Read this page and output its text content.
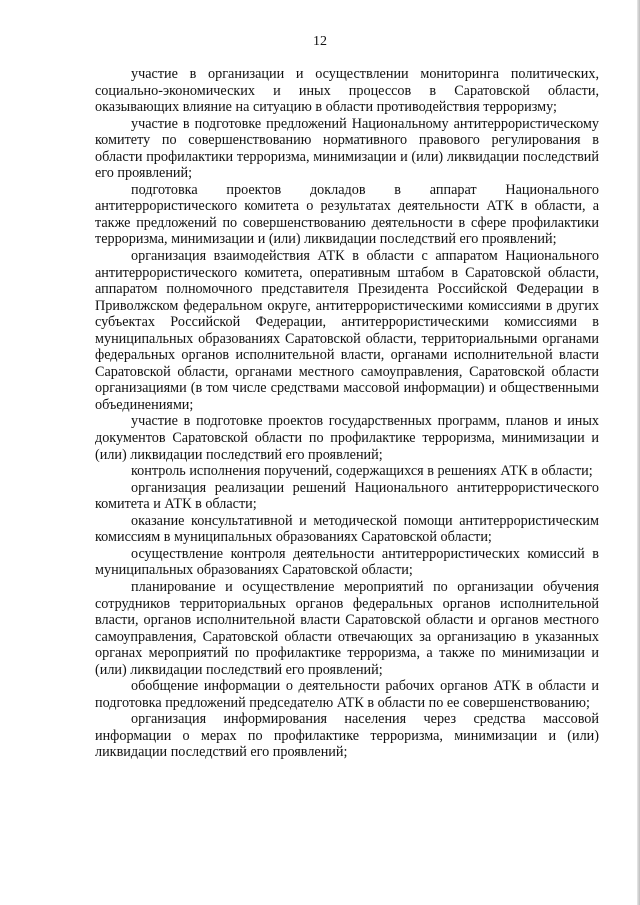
12

участие в организации и осуществлении мониторинга политических, социально-экономических и иных процессов в Саратовской области, оказывающих влияние на ситуацию в области противодействия терроризму;

участие в подготовке предложений Национальному антитеррористическому комитету по совершенствованию нормативного правового регулирования в области профилактики терроризма, минимизации и (или) ликвидации последствий его проявлений;

подготовка проектов докладов в аппарат Национального антитеррористического комитета о результатах деятельности АТК в области, а также предложений по совершенствованию деятельности в сфере профилактики терроризма, минимизации и (или) ликвидации последствий его проявлений;

организация взаимодействия АТК в области с аппаратом Национального антитеррористического комитета, оперативным штабом в Саратовской области, аппаратом полномочного представителя Президента Российской Федерации в Приволжском федеральном округе, антитеррористическими комиссиями в других субъектах Российской Федерации, антитеррористическими комиссиями в муниципальных образованиях Саратовской области, территориальными органами федеральных органов исполнительной власти, органами исполнительной власти Саратовской области, органами местного самоуправления, Саратовской области организациями (в том числе средствами массовой информации) и общественными объединениями;

участие в подготовке проектов государственных программ, планов и иных документов Саратовской области по профилактике терроризма, минимизации и (или) ликвидации последствий его проявлений;

контроль исполнения поручений, содержащихся в решениях АТК в области;

организация реализации решений Национального антитеррористического комитета и АТК в области;

оказание консультативной и методической помощи антитеррористическим комиссиям в муниципальных образованиях Саратовской области;

осуществление контроля деятельности антитеррористических комиссий в муниципальных образованиях Саратовской области;

планирование и осуществление мероприятий по организации обучения сотрудников территориальных органов федеральных органов исполнительной власти, органов исполнительной власти Саратовской области и органов местного самоуправления, Саратовской области отвечающих за организацию в указанных органах мероприятий по профилактике терроризма, а также по минимизации и (или) ликвидации последствий его проявлений;

обобщение информации о деятельности рабочих органов АТК в области и подготовка предложений председателю АТК в области по ее совершенствованию;

организация информирования населения через средства массовой информации о мерах по профилактике терроризма, минимизации и (или) ликвидации последствий его проявлений;
